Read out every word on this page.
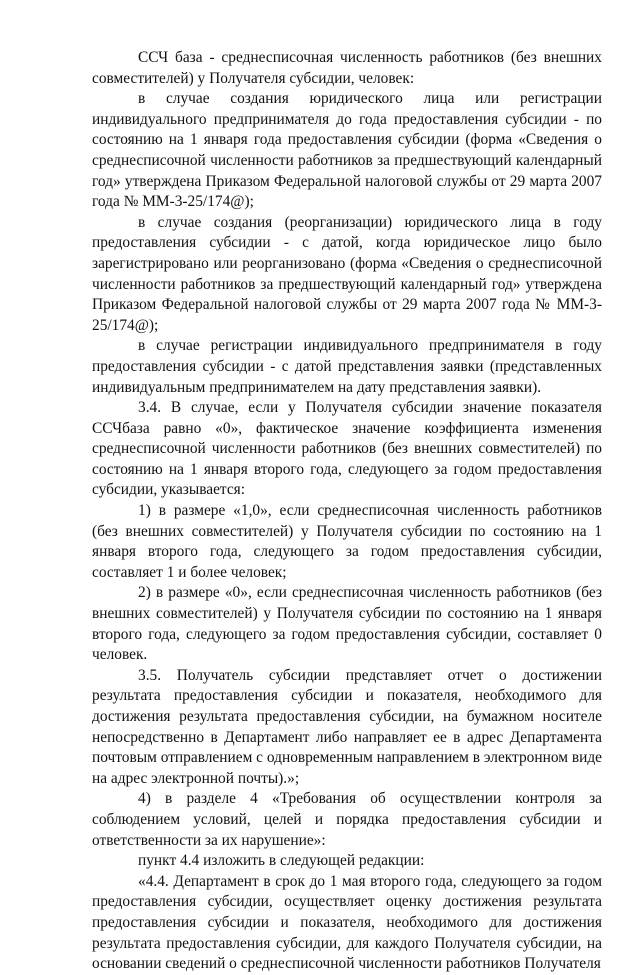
ССЧ база - среднесписочная численность работников (без внешних совместителей) у Получателя субсидии, человек:

в случае создания юридического лица или регистрации индивидуального предпринимателя до года предоставления субсидии - по состоянию на 1 января года предоставления субсидии (форма «Сведения о среднесписочной численности работников за предшествующий календарный год» утверждена Приказом Федеральной налоговой службы от 29 марта 2007 года № ММ-3-25/174@);

в случае создания (реорганизации) юридического лица в году предоставления субсидии - с датой, когда юридическое лицо было зарегистрировано или реорганизовано (форма «Сведения о среднесписочной численности работников за предшествующий календарный год» утверждена Приказом Федеральной налоговой службы от 29 марта 2007 года № ММ-3-25/174@);

в случае регистрации индивидуального предпринимателя в году предоставления субсидии - с датой представления заявки (представленных индивидуальным предпринимателем на дату представления заявки).

3.4. В случае, если у Получателя субсидии значение показателя ССЧбаза равно «0», фактическое значение коэффициента изменения среднесписочной численности работников (без внешних совместителей) по состоянию на 1 января второго года, следующего за годом предоставления субсидии, указывается:

1) в размере «1,0», если среднесписочная численность работников (без внешних совместителей) у Получателя субсидии по состоянию на 1 января второго года, следующего за годом предоставления субсидии, составляет 1 и более человек;

2) в размере «0», если среднесписочная численность работников (без внешних совместителей) у Получателя субсидии по состоянию на 1 января второго года, следующего за годом предоставления субсидии, составляет 0 человек.

3.5. Получатель субсидии представляет отчет о достижении результата предоставления субсидии и показателя, необходимого для достижения результата предоставления субсидии, на бумажном носителе непосредственно в Департамент либо направляет ее в адрес Департамента почтовым отправлением с одновременным направлением в электронном виде на адрес электронной почты).»;

4) в разделе 4 «Требования об осуществлении контроля за соблюдением условий, целей и порядка предоставления субсидии и ответственности за их нарушение»:

пункт 4.4 изложить в следующей редакции:

«4.4. Департамент в срок до 1 мая второго года, следующего за годом предоставления субсидии, осуществляет оценку достижения результата предоставления субсидии и показателя, необходимого для достижения результата предоставления субсидии, для каждого Получателя субсидии, на основании сведений о среднесписочной численности работников Получателя
